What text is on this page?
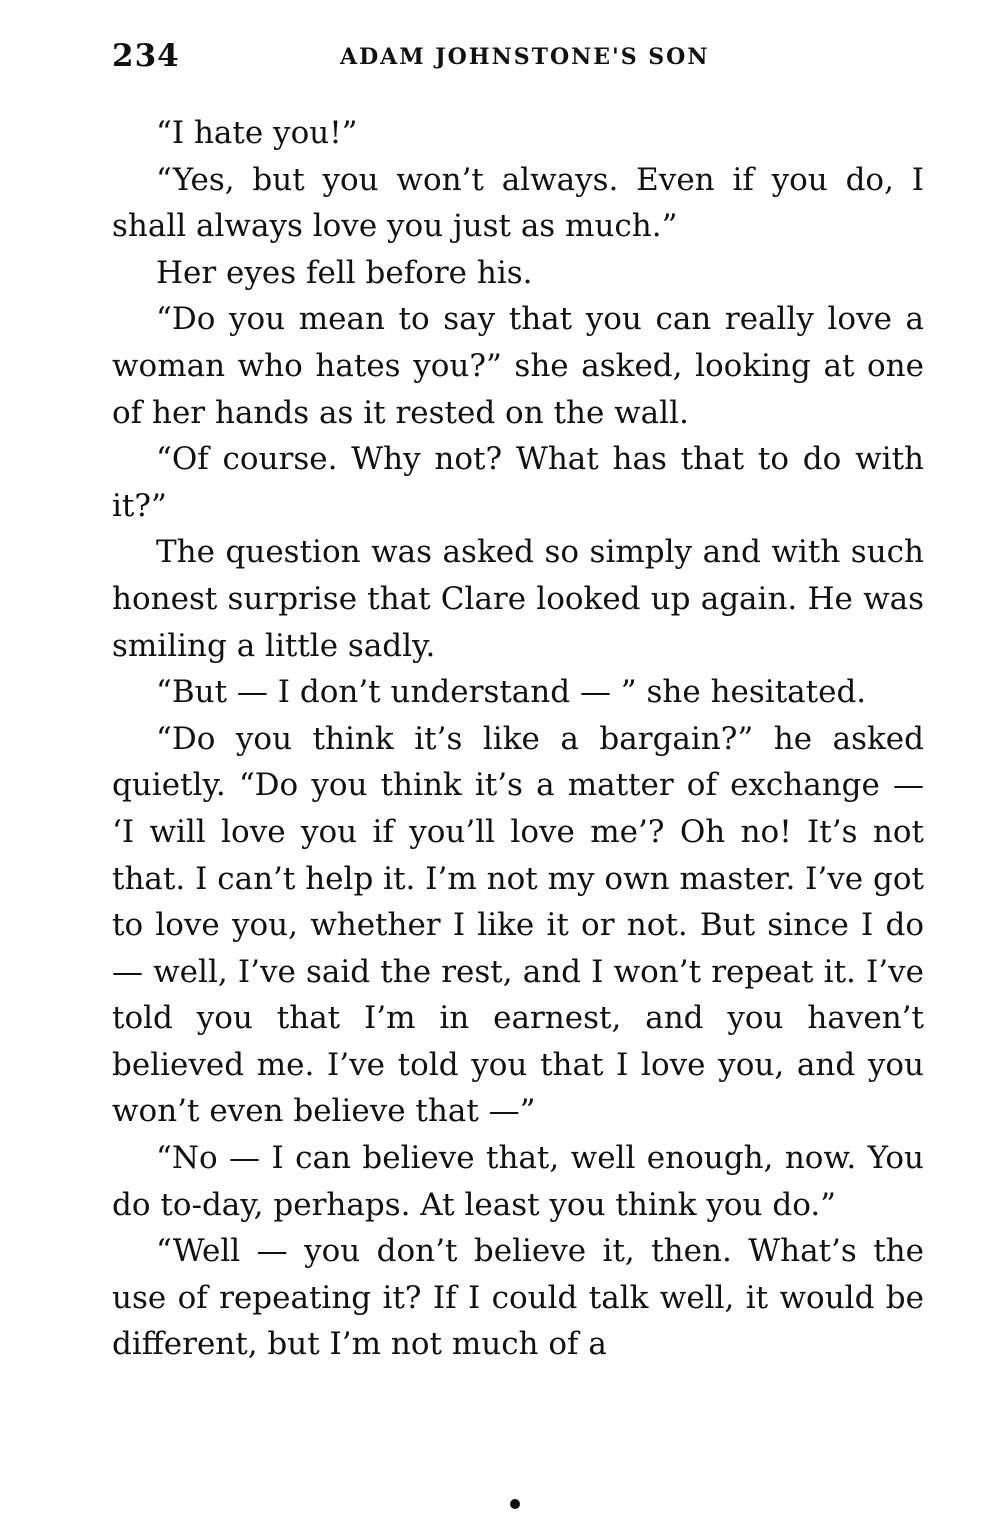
234	ADAM JOHNSTONE'S SON

“I hate you!”

“Yes, but you won’t always. Even if you do, I shall always love you just as much.”

Her eyes fell before his.

“Do you mean to say that you can really love a woman who hates you?” she asked, looking at one of her hands as it rested on the wall.

“Of course. Why not? What has that to do with it?”

The question was asked so simply and with such honest surprise that Clare looked up again. He was smiling a little sadly.

“But — I don’t understand — ” she hesitated.

“Do you think it’s like a bargain?” he asked quietly. “Do you think it’s a matter of exchange — ‘I will love you if you’ll love me’? Oh no! It’s not that. I can’t help it. I’m not my own master. I’ve got to love you, whether I like it or not. But since I do — well, I’ve said the rest, and I won’t repeat it. I’ve told you that I’m in earnest, and you haven’t believed me. I’ve told you that I love you, and you won’t even believe that —”

“No — I can believe that, well enough, now. You do to-day, perhaps. At least you think you do.”

“Well — you don’t believe it, then. What’s the use of repeating it? If I could talk well, it would be different, but I’m not much of a
